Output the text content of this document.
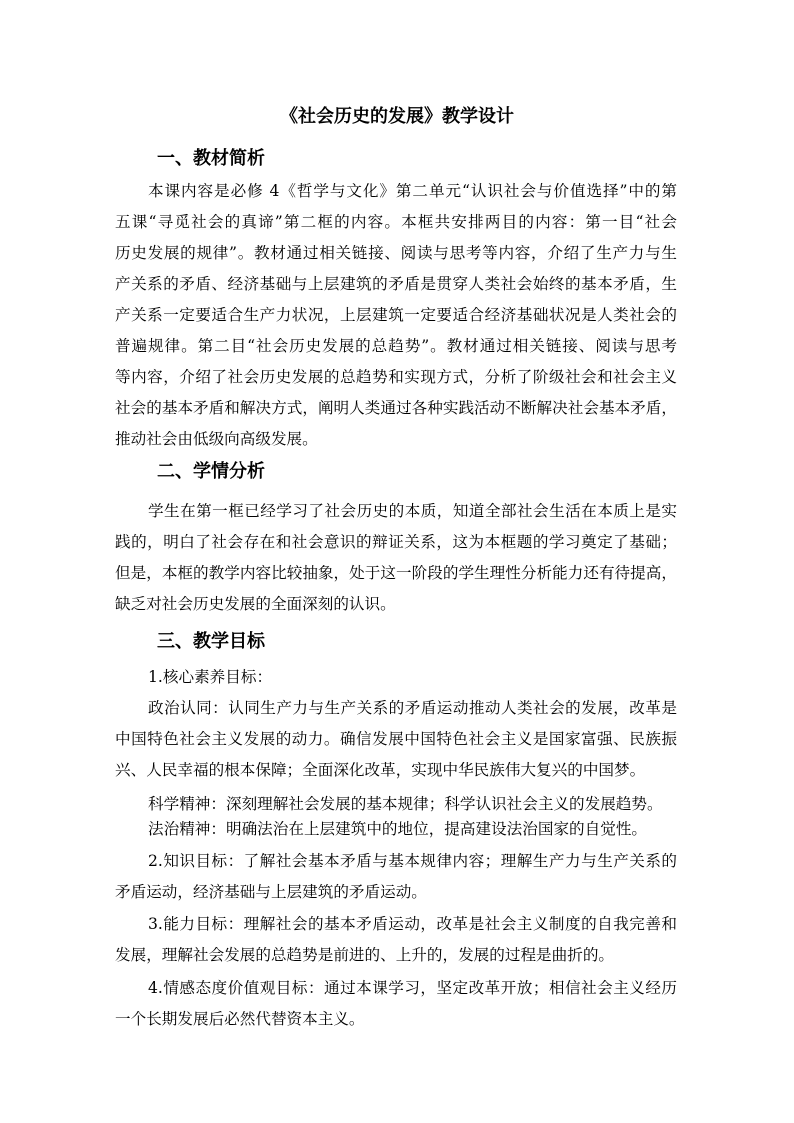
《社会历史的发展》教学设计
一、教材简析
本课内容是必修 4《哲学与文化》第二单元“认识社会与价值选择”中的第
五课“寻觅社会的真谛”第二框的内容。本框共安排两目的内容：第一目“社会
历史发展的规律”。教材通过相关链接、阅读与思考等内容，介绍了生产力与生
产关系的矛盾、经济基础与上层建筑的矛盾是贯穿人类社会始终的基本矛盾，生
产关系一定要适合生产力状况，上层建筑一定要适合经济基础状况是人类社会的
普遍规律。第二目“社会历史发展的总趋势”。教材通过相关链接、阅读与思考
等内容，介绍了社会历史发展的总趋势和实现方式，分析了阶级社会和社会主义
社会的基本矛盾和解决方式，阐明人类通过各种实践活动不断解决社会基本矛盾，
推动社会由低级向高级发展。
二、学情分析
学生在第一框已经学习了社会历史的本质，知道全部社会生活在本质上是实
践的，明白了社会存在和社会意识的辩证关系，这为本框题的学习奠定了基础；
但是，本框的教学内容比较抽象，处于这一阶段的学生理性分析能力还有待提高，
缺乏对社会历史发展的全面深刻的认识。
三、教学目标
1.核心素养目标：
政治认同：认同生产力与生产关系的矛盾运动推动人类社会的发展，改革是
中国特色社会主义发展的动力。确信发展中国特色社会主义是国家富强、民族振
兴、人民幸福的根本保障；全面深化改革，实现中华民族伟大复兴的中国梦。
科学精神：深刻理解社会发展的基本规律；科学认识社会主义的发展趋势。
法治精神：明确法治在上层建筑中的地位，提高建设法治国家的自觉性。
2.知识目标：了解社会基本矛盾与基本规律内容；理解生产力与生产关系的
矛盾运动，经济基础与上层建筑的矛盾运动。
3.能力目标：理解社会的基本矛盾运动，改革是社会主义制度的自我完善和
发展，理解社会发展的总趋势是前进的、上升的，发展的过程是曲折的。
4.情感态度价值观目标：通过本课学习，坚定改革开放；相信社会主义经历
一个长期发展后必然代替资本主义。
